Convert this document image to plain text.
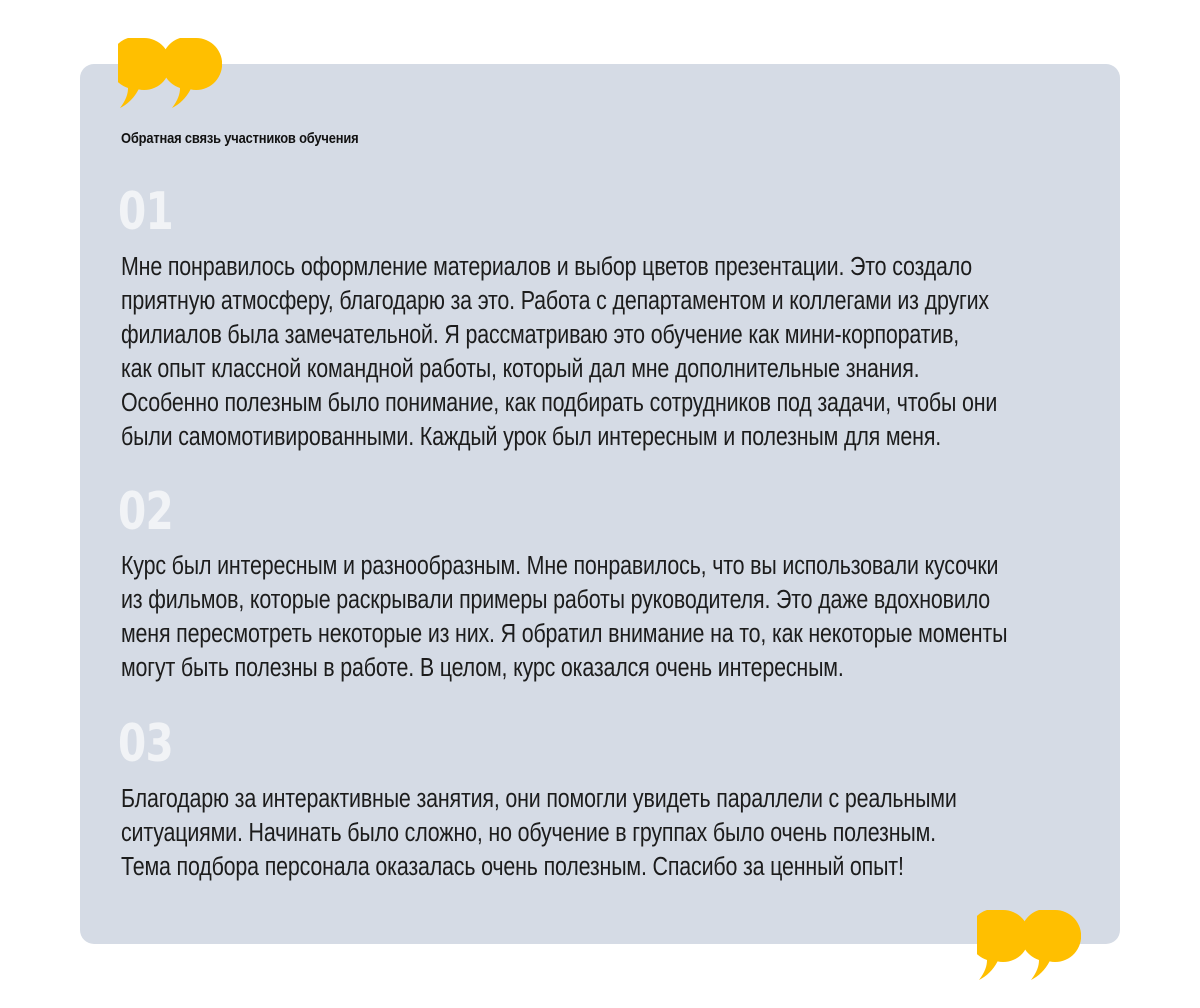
Обратная связь участников обучения
01
Мне понравилось оформление материалов и выбор цветов презентации. Это создало
приятную атмосферу, благодарю за это. Работа с департаментом и коллегами из других
филиалов была замечательной. Я рассматриваю это обучение как мини-корпоратив,
как опыт классной командной работы, который дал мне дополнительные знания.
Особенно полезным было понимание, как подбирать сотрудников под задачи, чтобы они
были самомотивированными. Каждый урок был интересным и полезным для меня.
02
Курс был интересным и разнообразным. Мне понравилось, что вы использовали кусочки
из фильмов, которые раскрывали примеры работы руководителя. Это даже вдохновило
меня пересмотреть некоторые из них. Я обратил внимание на то, как некоторые моменты
могут быть полезны в работе. В целом, курс оказался очень интересным.
03
Благодарю за интерактивные занятия, они помогли увидеть параллели с реальными
ситуациями. Начинать было сложно, но обучение в группах было очень полезным.
Тема подбора персонала оказалась очень полезным. Спасибо за ценный опыт!
